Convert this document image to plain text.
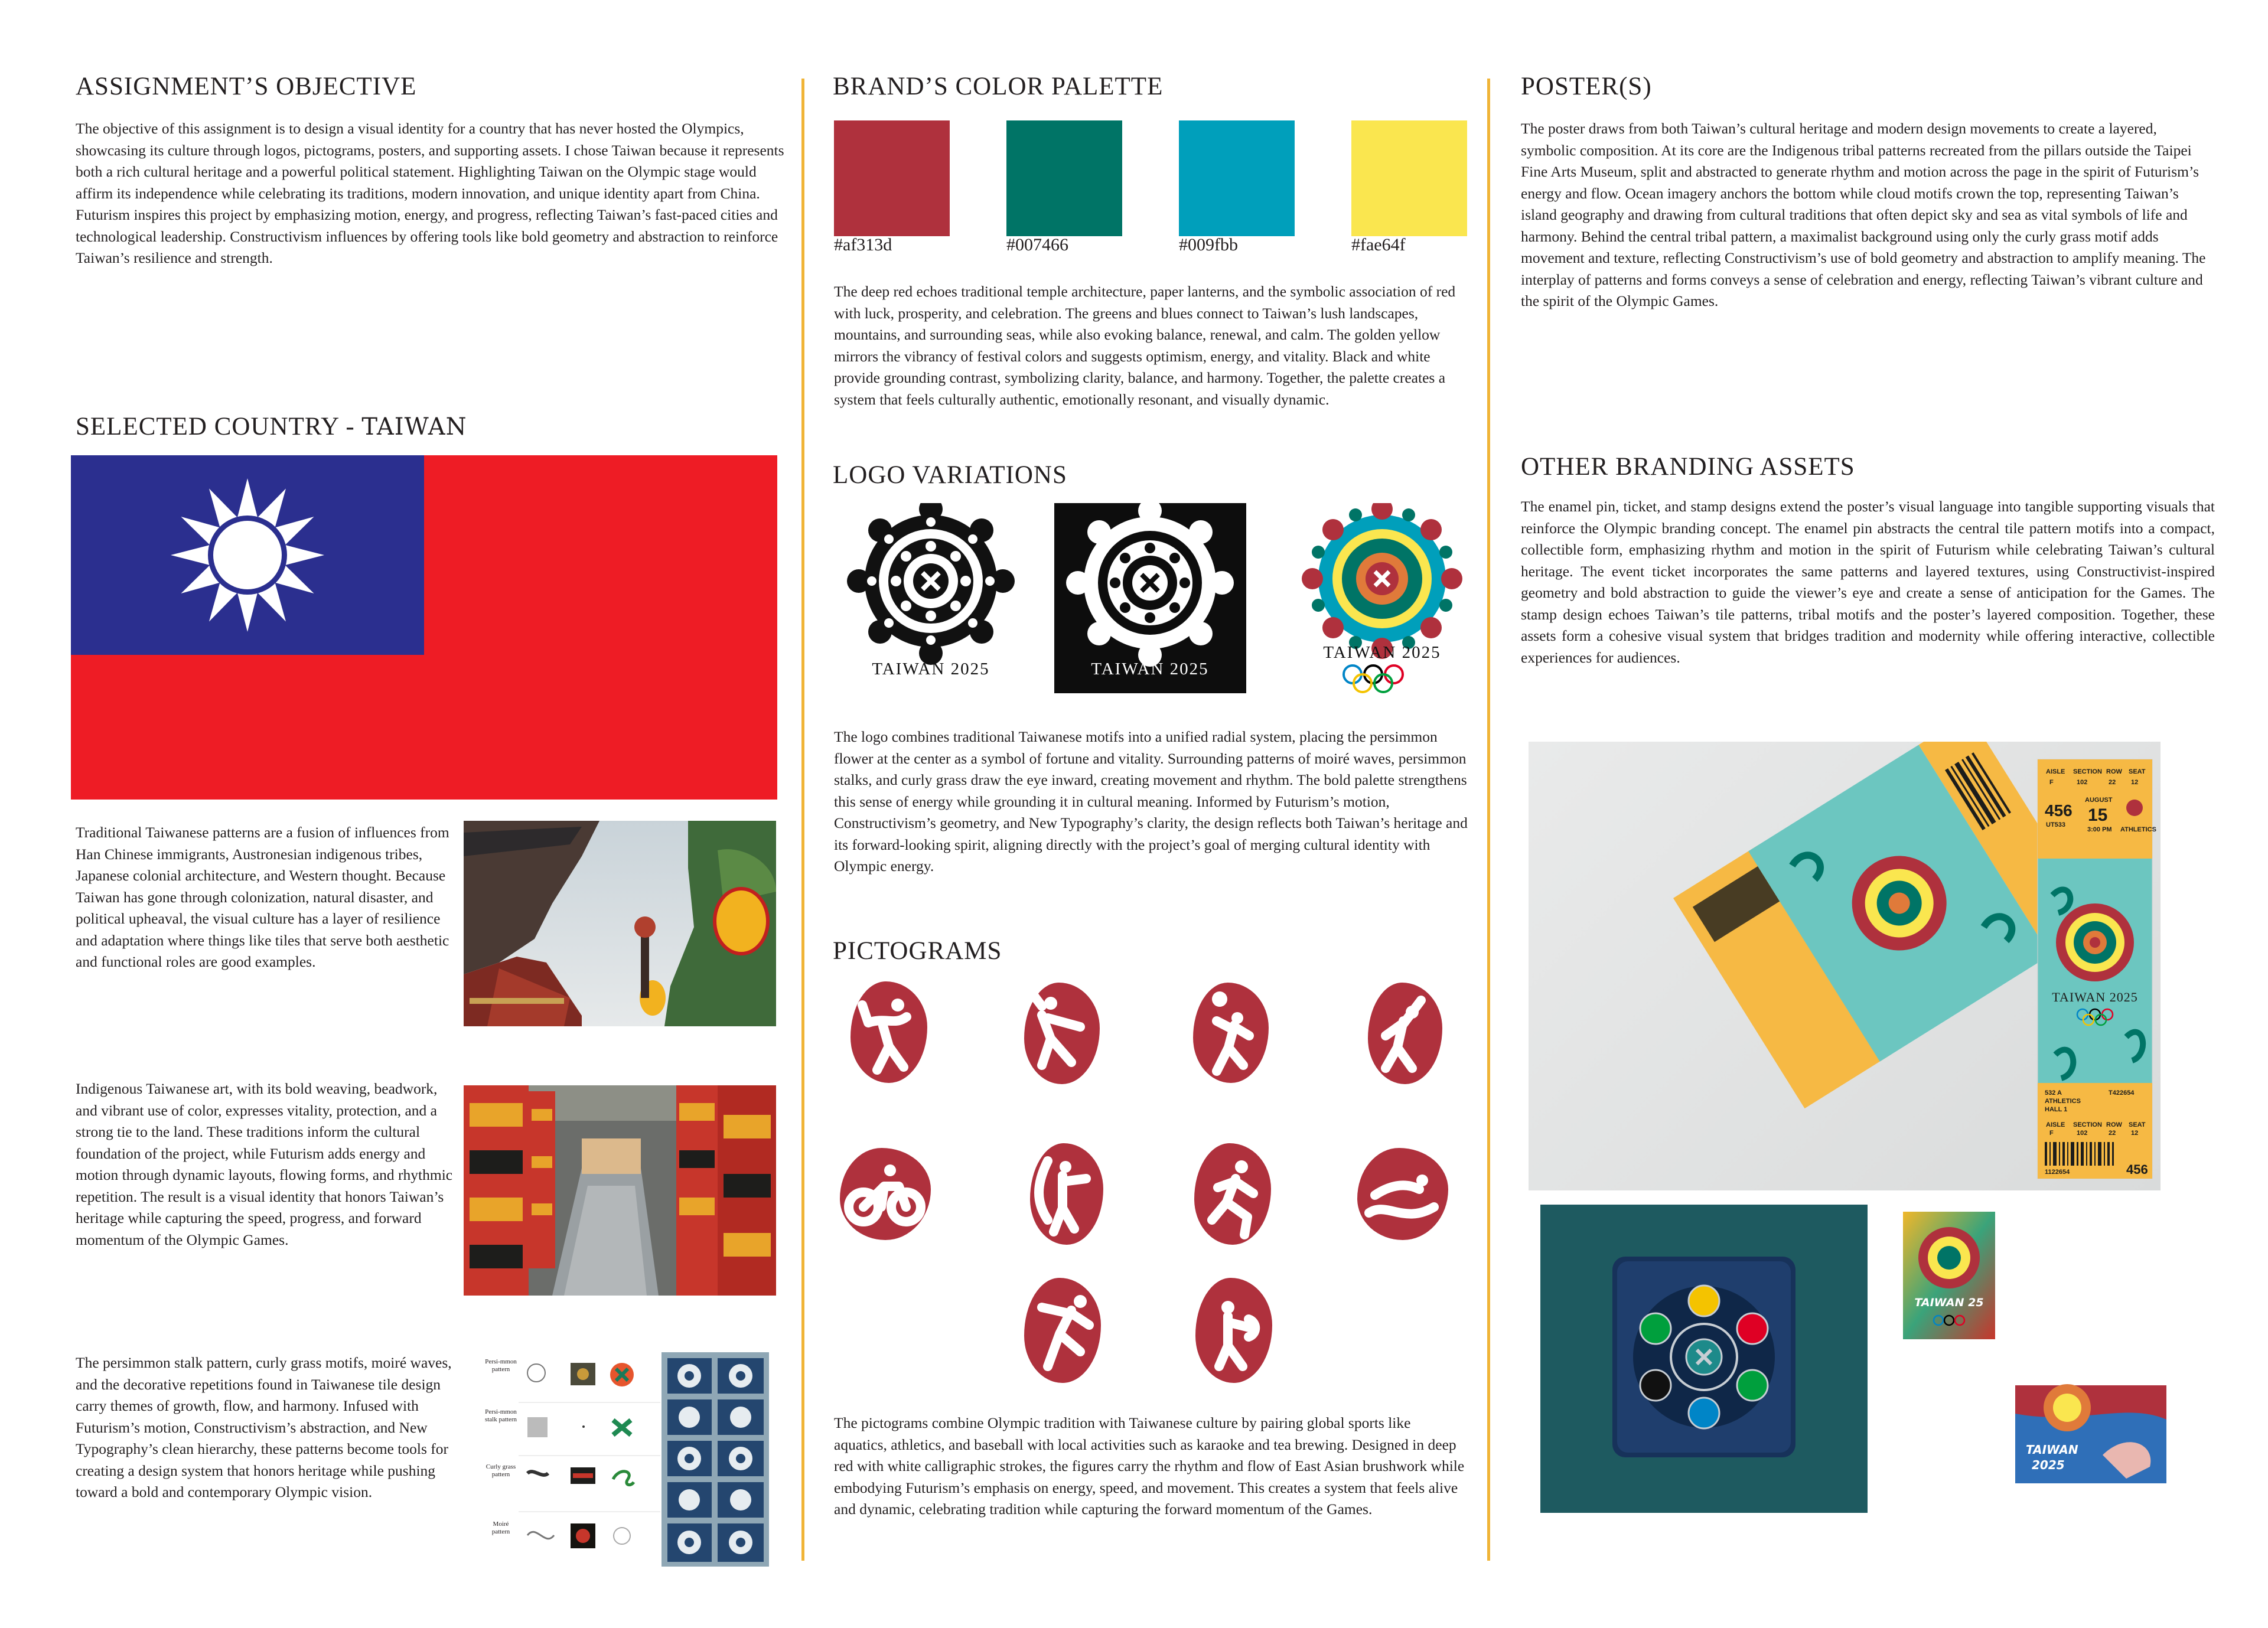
ASSIGNMENT’S OBJECTIVE

The objective of this assignment is to design a visual identity for a country that has never hosted the Olympics, showcasing its culture through logos, pictograms, posters, and supporting assets. I chose Taiwan because it represents both a rich cultural heritage and a powerful political statement. Highlighting Taiwan on the Olympic stage would affirm its independence while celebrating its traditions, modern innovation, and unique identity apart from China. Futurism inspires this project by emphasizing motion, energy, and progress, reflecting Taiwan’s fast-paced cities and technological leadership. Constructivism influences by offering tools like bold geometry and abstraction to reinforce Taiwan’s resilience and strength.

SELECTED COUNTRY - TAIWAN

Traditional Taiwanese patterns are a fusion of influences from Han Chinese immigrants, Austronesian indigenous tribes, Japanese colonial architecture, and Western thought. Because Taiwan has gone through colonization, natural disaster, and political upheaval, the visual culture has a layer of resilience and adaptation where things like tiles that serve both aesthetic and functional roles are good examples.

Indigenous Taiwanese art, with its bold weaving, beadwork, and vibrant use of color, expresses vitality, protection, and a strong tie to the land. These traditions inform the cultural foundation of the project, while Futurism adds energy and motion through dynamic layouts, flowing forms, and rhythmic repetition. The result is a visual identity that honors Taiwan’s heritage while capturing the speed, progress, and forward momentum of the Olympic Games.

The persimmon stalk pattern, curly grass motifs, moiré waves, and the decorative repetitions found in Taiwanese tile design carry themes of growth, flow, and harmony. Infused with Futurism’s motion, Constructivism’s abstraction, and New Typography’s clean hierarchy, these patterns become tools for creating a design system that honors heritage while pushing toward a bold and contemporary Olympic vision.

Persi-mmon pattern
Persi-mmon stalk pattern
Curly grass pattern
Moiré pattern
BRAND’S COLOR PALETTE
#af313d	#007466	#009fbb	#fae64f

The deep red echoes traditional temple architecture, paper lanterns, and the symbolic association of red with luck, prosperity, and celebration. The greens and blues connect to Taiwan’s lush landscapes, mountains, and surrounding seas, while also evoking balance, renewal, and calm. The golden yellow mirrors the vibrancy of festival colors and suggests optimism, energy, and vitality. Black and white provide grounding contrast, symbolizing clarity, balance, and harmony. Together, the palette creates a system that feels culturally authentic, emotionally resonant, and visually dynamic.

LOGO VARIATIONS
TAIWAN 2025	TAIWAN 2025
TAIWAN 2025

The logo combines traditional Taiwanese motifs into a unified radial system, placing the persimmon flower at the center as a symbol of fortune and vitality. Surrounding patterns of moiré waves, persimmon stalks, and curly grass draw the eye inward, creating movement and rhythm. The bold palette strengthens this sense of energy while grounding it in cultural meaning. Informed by Futurism’s motion, Constructivism’s geometry, and New Typography’s clarity, the design reflects both Taiwan’s heritage and its forward-looking spirit, aligning directly with the project’s goal of merging cultural identity with Olympic energy.

PICTOGRAMS

The pictograms combine Olympic tradition with Taiwanese culture by pairing global sports like aquatics, athletics, and baseball with local activities such as karaoke and tea brewing. Designed in deep red with white calligraphic strokes, the figures carry the rhythm and flow of East Asian brushwork while embodying Futurism’s emphasis on energy, speed, and movement. This creates a system that feels alive and dynamic, celebrating tradition while capturing the forward momentum of the Games.

POSTER(S)

The poster draws from both Taiwan’s cultural heritage and modern design movements to create a layered, symbolic composition. At its core are the Indigenous tribal patterns recreated from the pillars outside the Taipei Fine Arts Museum, split and abstracted to generate rhythm and motion across the page in the spirit of Futurism’s energy and flow. Ocean imagery anchors the bottom while cloud motifs crown the top, representing Taiwan’s island geography and drawing from cultural traditions that often depict sky and sea as vital symbols of life and harmony. Behind the central tribal pattern, a maximalist background using only the curly grass motif adds movement and texture, reflecting Constructivism’s use of bold geometry and abstraction to amplify meaning. The interplay of patterns and forms conveys a sense of celebration and energy, reflecting Taiwan’s vibrant culture and the spirit of the Olympic Games.

OTHER BRANDING ASSETS

The enamel pin, ticket, and stamp designs extend the poster’s visual language into tangible supporting visuals that reinforce the Olympic branding concept. The enamel pin abstracts the central tile pattern motifs into a compact, collectible form, emphasizing rhythm and motion in the spirit of Futurism while celebrating Taiwan’s cultural heritage. The event ticket incorporates the same patterns and layered textures, using Constructivist-inspired geometry and bold abstraction to guide the viewer’s eye and create a sense of anticipation for the Games. The stamp design echoes Taiwan’s tile patterns, tribal motifs and the poster’s layered composition. Together, these assets form a cohesive visual system that bridges tradition and modernity while offering interactive, collectible experiences for audiences.

AISLE SECTION ROW SEAT
F	102	22 12
456
UT533
AUGUST
15
3:00 PM ATHLETICS
TAIWAN 2025
532 A	T422654
ATHLETICS
HALL 1
AISLE SECTION ROW SEAT
F	102	22 12
1122654	456
TAIWAN 25
TAIWAN
2025
